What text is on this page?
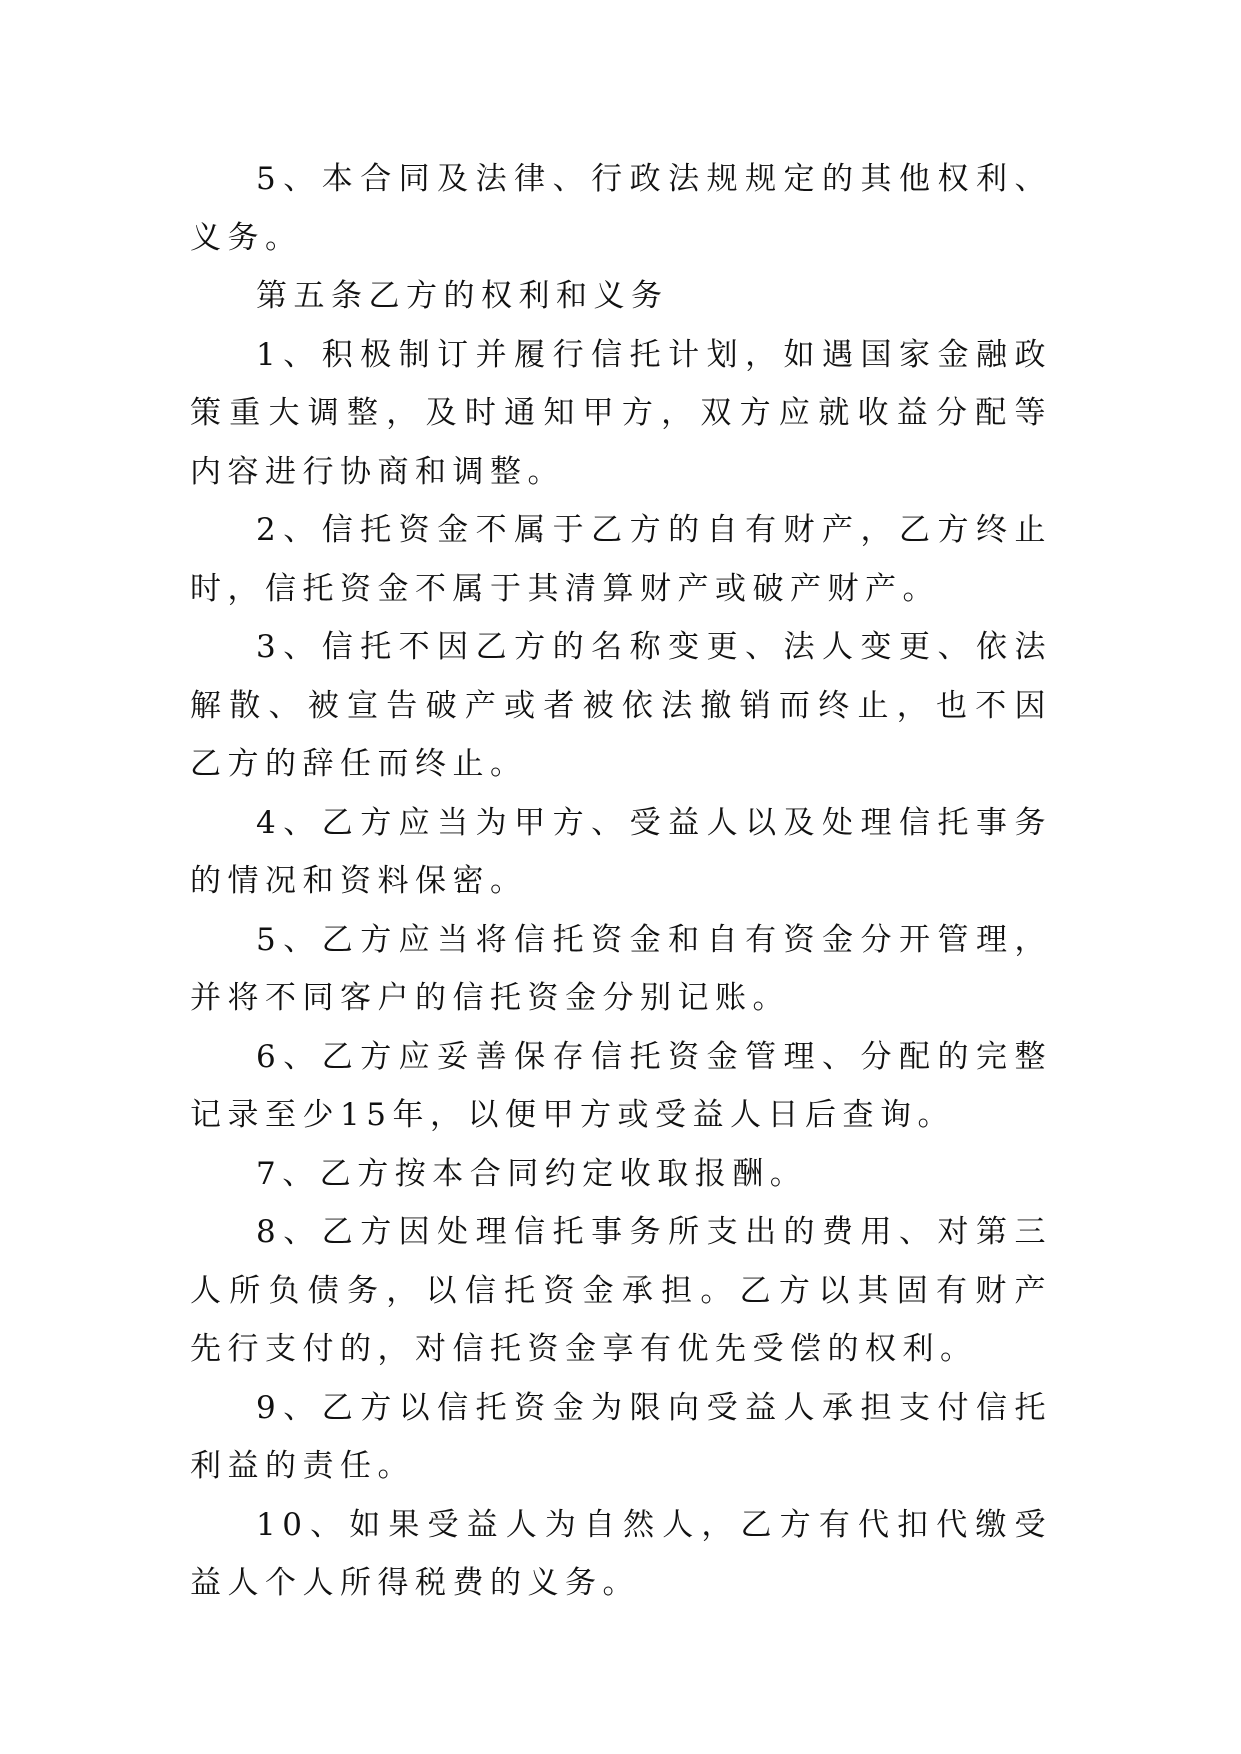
5、本合同及法律、行政法规规定的其他权利、义务。

第五条乙方的权利和义务

1、积极制订并履行信托计划，如遇国家金融政策重大调整，及时通知甲方，双方应就收益分配等内容进行协商和调整。

2、信托资金不属于乙方的自有财产，乙方终止时，信托资金不属于其清算财产或破产财产。

3、信托不因乙方的名称变更、法人变更、依法解散、被宣告破产或者被依法撤销而终止，也不因乙方的辞任而终止。

4、乙方应当为甲方、受益人以及处理信托事务的情况和资料保密。

5、乙方应当将信托资金和自有资金分开管理，并将不同客户的信托资金分别记账。

6、乙方应妥善保存信托资金管理、分配的完整记录至少15年，以便甲方或受益人日后查询。

7、乙方按本合同约定收取报酬。

8、乙方因处理信托事务所支出的费用、对第三人所负债务，以信托资金承担。乙方以其固有财产先行支付的，对信托资金享有优先受偿的权利。

9、乙方以信托资金为限向受益人承担支付信托利益的责任。

10、如果受益人为自然人，乙方有代扣代缴受益人个人所得税费的义务。
